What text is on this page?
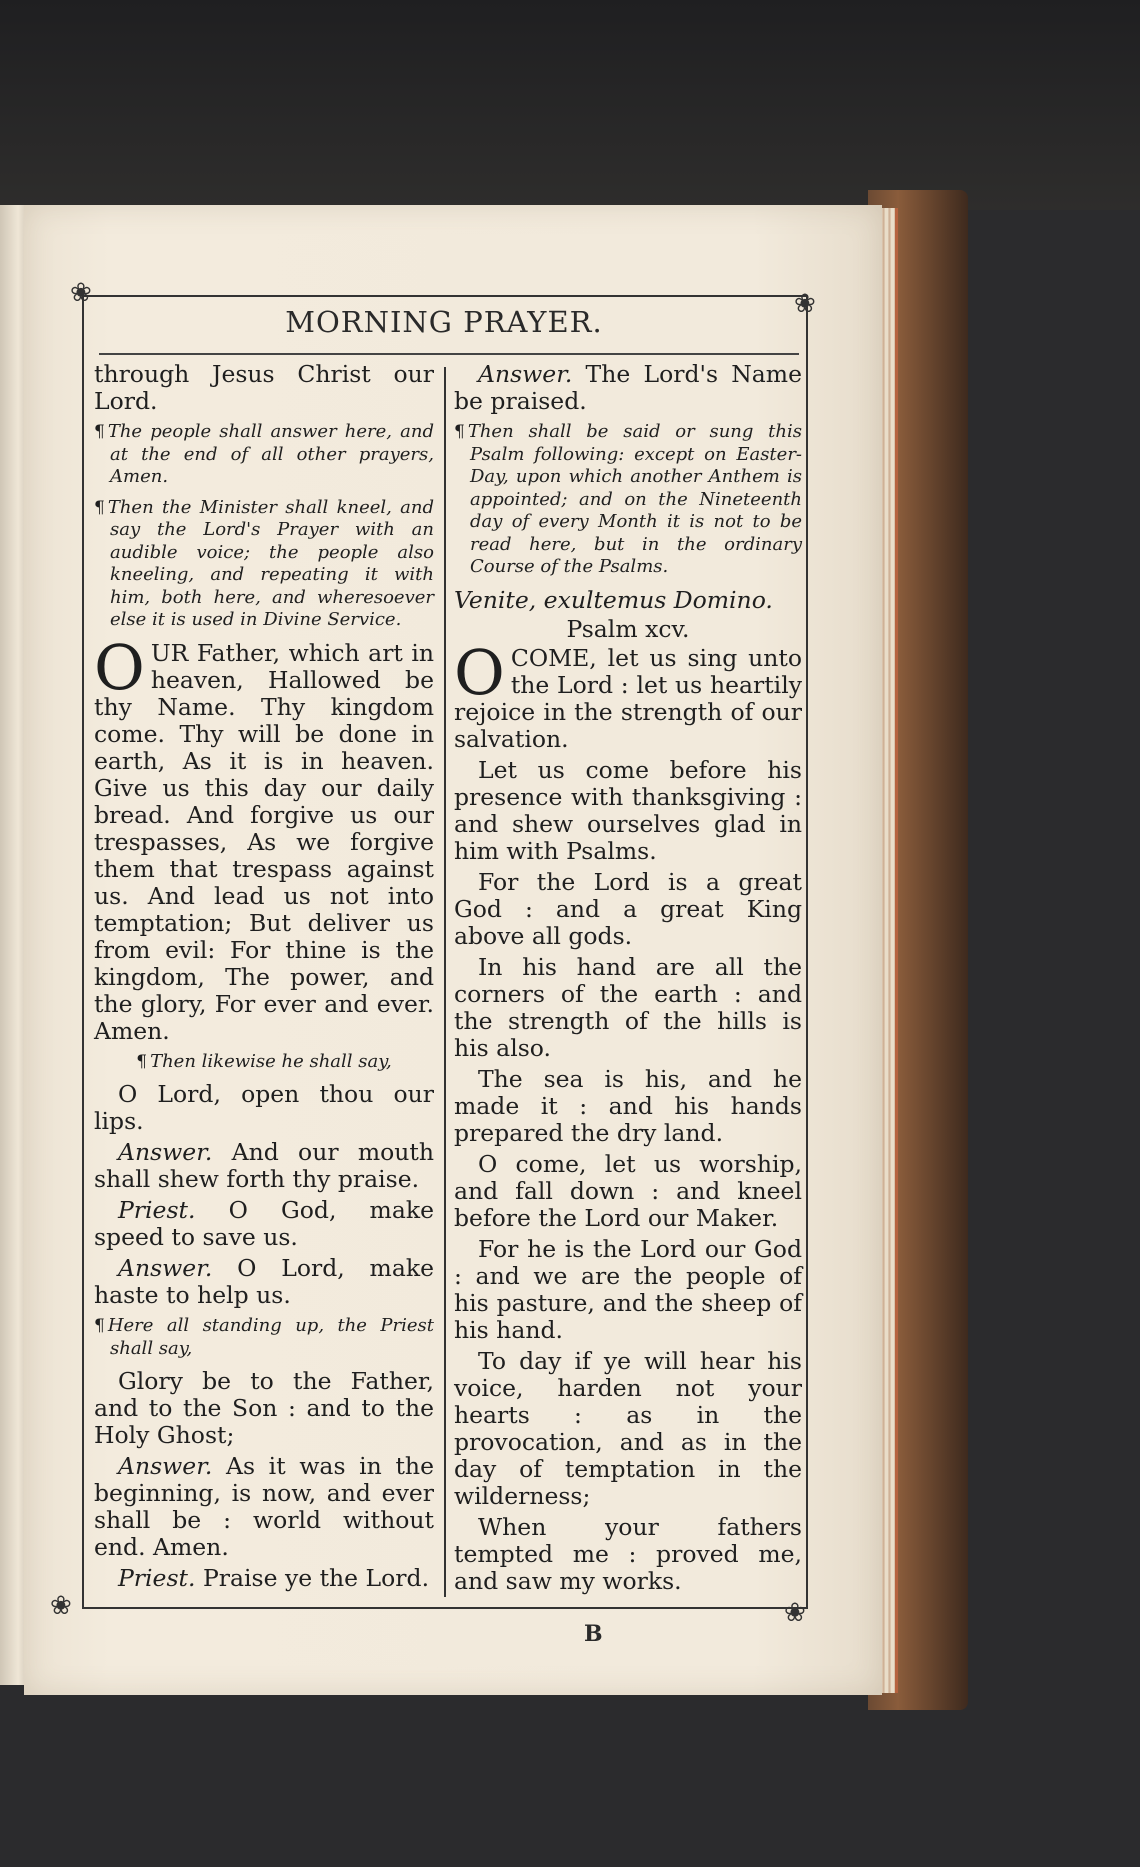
❀	❀
❀	❀
MORNING PRAYER.

through Jesus Christ our Lord.

¶ The people shall answer here, and at the end of all other prayers, Amen.

¶ Then the Minister shall kneel, and say the Lord's Prayer with an audible voice; the people also kneeling, and repeating it with him, both here, and wheresoever else it is used in Divine Service.

OUR Father, which art in heaven, Hallowed be thy Name. Thy kingdom come. Thy will be done in earth, As it is in heaven. Give us this day our daily bread. And forgive us our trespasses, As we forgive them that trespass against us. And lead us not into temptation; But deliver us from evil: For thine is the kingdom, The power, and the glory, For ever and ever. Amen.

¶ Then likewise he shall say,

O Lord, open thou our lips.

Answer. And our mouth shall shew forth thy praise.

Priest. O God, make speed to save us.

Answer. O Lord, make haste to help us.

¶ Here all standing up, the Priest shall say,

Glory be to the Father, and to the Son : and to the Holy Ghost;

Answer. As it was in the beginning, is now, and ever shall be : world without end. Amen.

Priest. Praise ye the Lord.

Answer. The Lord's Name be praised.

¶ Then shall be said or sung this Psalm following: except on Easter-Day, upon which another Anthem is appointed; and on the Nineteenth day of every Month it is not to be read here, but in the ordinary Course of the Psalms.

Venite, exultemus Domino.

Psalm xcv.

OCOME, let us sing unto the Lord : let us heartily rejoice in the strength of our salvation.

Let us come before his presence with thanksgiving : and shew ourselves glad in him with Psalms.

For the Lord is a great God : and a great King above all gods.

In his hand are all the corners of the earth : and the strength of the hills is his also.

The sea is his, and he made it : and his hands prepared the dry land.

O come, let us worship, and fall down : and kneel before the Lord our Maker.

For he is the Lord our God : and we are the people of his pasture, and the sheep of his hand.

To day if ye will hear his voice, harden not your hearts : as in the provocation, and as in the day of temptation in the wilderness;

When your fathers tempted me : proved me, and saw my works.

B
